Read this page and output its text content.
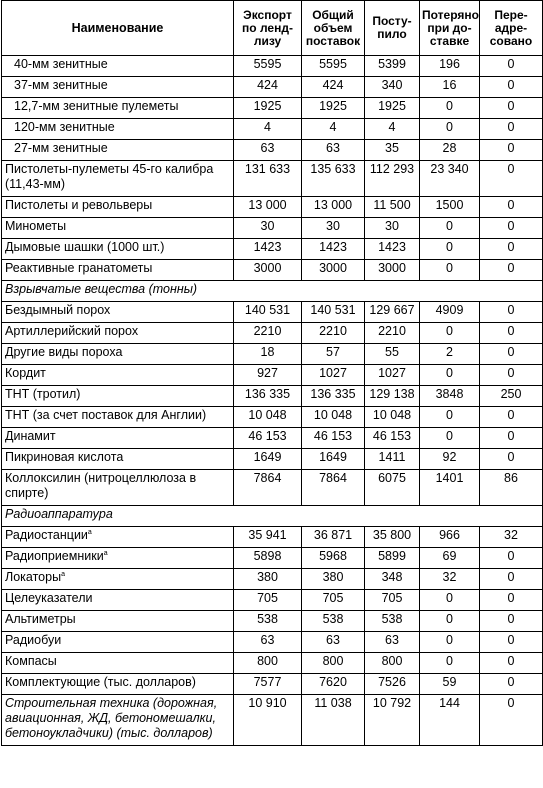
Наименование	Экспорт по ленд-лизу	Общий объем поставок	Посту-пило	Потеряно при до-ставке	Пере-адре-совано
40-мм зенитные	5595	5595	5399	196	0
37-мм зенитные	424	424	340	16	0
12,7-мм зенитные пулеметы	1925	1925	1925	0	0
120-мм зенитные	4	4	4	0	0
27-мм зенитные	63	63	35	28	0
Пистолеты-пулеметы 45-го калибра (11,43-мм)	131 633	135 633	112 293	23 340	0
Пистолеты и револьверы	13 000	13 000	11 500	1500	0
Минометы	30	30	30	0	0
Дымовые шашки (1000 шт.)	1423	1423	1423	0	0
Реактивные гранатометы	3000	3000	3000	0	0
Взрывчатые вещества (тонны)					
Бездымный порох	140 531	140 531	129 667	4909	0
Артиллерийский порох	2210	2210	2210	0	0
Другие виды пороха	18	57	55	2	0
Кордит	927	1027	1027	0	0
ТНТ (тротил)	136 335	136 335	129 138	3848	250
ТНТ (за счет поставок для Англии)	10 048	10 048	10 048	0	0
Динамит	46 153	46 153	46 153	0	0
Пикриновая кислота	1649	1649	1411	92	0
Коллоксилин (нитроцеллюлоза в спирте)	7864	7864	6075	1401	86
Радиоаппаратура					
Радиостанции$^a$	35 941	36 871	35 800	966	32
Радиоприемники$^a$	5898	5968	5899	69	0
Локаторы$^a$	380	380	348	32	0
Целеуказатели	705	705	705	0	0
Альтиметры	538	538	538	0	0
Радиобуи	63	63	63	0	0
Компасы	800	800	800	0	0
Комплектующие (тыс. долларов)	7577	7620	7526	59	0
Строительная техника (дорожная, авиационная, ЖД, бетономешалки, бетоноукладчики) (тыс. долларов)	10 910	11 038	10 792	144	0
